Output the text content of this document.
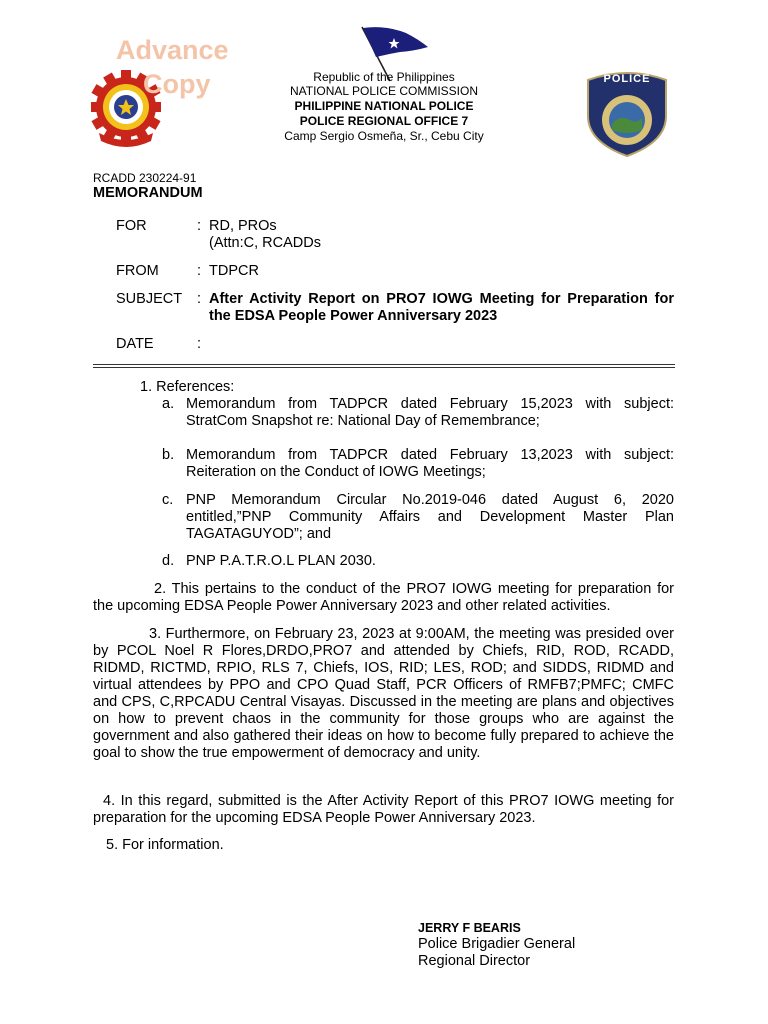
Advance
Copy	Republic of the Philippines
NATIONAL POLICE COMMISSION
PHILIPPINE NATIONAL POLICE
POLICE REGIONAL OFFICE 7
Camp Sergio Osmeña, Sr., Cebu City
POLICE
RCADD 230224-91
MEMORANDUM
FOR	: RD, PROs
(Attn:C, RCADDs
FROM	: TDPCR
SUBJECT : After Activity Report on PRO7 IOWG Meeting for Preparation for the EDSA People Power Anniversary 2023
DATE	:
1. References:
a. Memorandum from TADPCR dated February 15,2023 with subject: StratCom Snapshot re: National Day of Remembrance;
b. Memorandum from TADPCR dated February 13,2023 with subject: Reiteration on the Conduct of IOWG Meetings;
c. PNP Memorandum Circular No.2019-046 dated August 6, 2020 entitled,”PNP Community Affairs and Development Master Plan TAGATAGUYOD”; and
d. PNP P.A.T.R.O.L PLAN 2030.
2. This pertains to the conduct of the PRO7 IOWG meeting for preparation for the upcoming EDSA People Power Anniversary 2023 and other related activities.
3. Furthermore, on February 23, 2023 at 9:00AM, the meeting was presided over by PCOL Noel R Flores,DRDO,PRO7 and attended by Chiefs, RID, ROD, RCADD, RIDMD, RICTMD, RPIO, RLS 7, Chiefs, IOS, RID; LES, ROD; and SIDDS, RIDMD and virtual attendees by PPO and CPO Quad Staff, PCR Officers of RMFB7;PMFC; CMFC and CPS, C,RPCADU Central Visayas. Discussed in the meeting are plans and objectives on how to prevent chaos in the community for those groups who are against the government and also gathered their ideas on how to become fully prepared to achieve the goal to show the true empowerment of democracy and unity.
4. In this regard, submitted is the After Activity Report of this PRO7 IOWG meeting for preparation for the upcoming EDSA People Power Anniversary 2023.
5. For information.
JERRY F BEARIS
Police Brigadier General
Regional Director
